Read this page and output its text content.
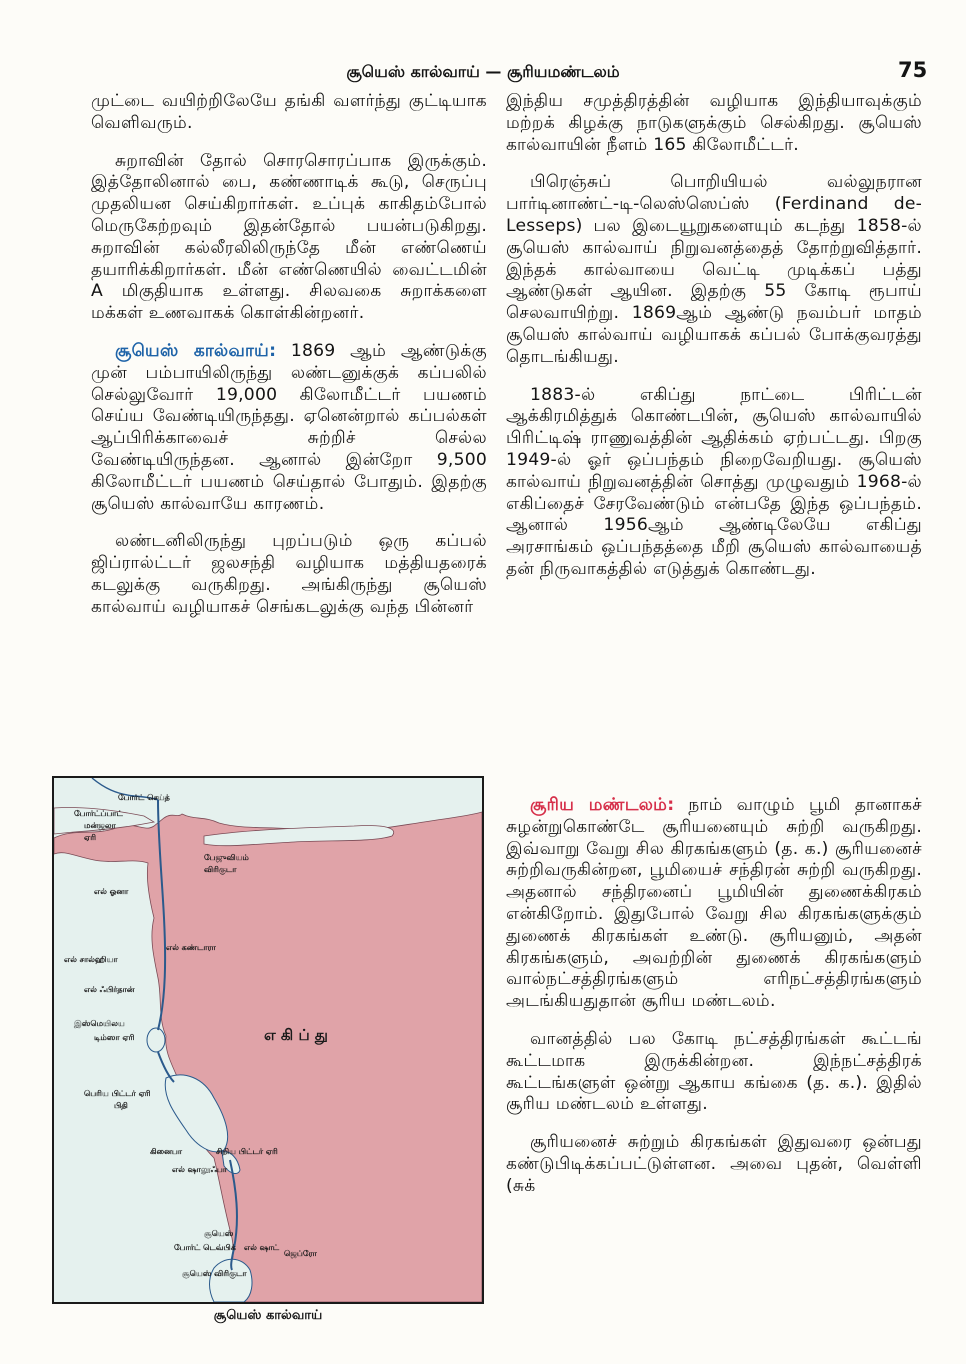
சூயெஸ் கால்வாய் — சூரியமண்டலம்	75

முட்டை வயிற்றிலேயே தங்கி வளர்ந்து குட்டியாக வெளிவரும்.

சுறாவின் தோல் சொரசொரப்பாக இருக்கும். இத்தோலினால் பை, கண்ணாடிக் கூடு, செருப்பு முதலியன செய்கிறார்கள். உப்புக் காகிதம்போல் மெருகேற்றவும் இதன்தோல் பயன்படுகிறது. சுறாவின் கல்லீரலிலிருந்தே மீன் எண்ணெய் தயாரிக்கிறார்கள். மீன் எண்ணெயில் வைட்டமின் A மிகுதியாக உள்ளது. சிலவகை சுறாக்களை மக்கள் உணவாகக் கொள்கின்றனர்.

சூயெஸ் கால்வாய்: 1869 ஆம் ஆண்டுக்கு முன் பம்பாயிலிருந்து லண்டனுக்குக் கப்பலில் செல்லுவோர் 19,000 கிலோமீட்டர் பயணம் செய்ய வேண்டியிருந்தது. ஏனென்றால் கப்பல்கள் ஆப்பிரிக்காவைச் சுற்றிச் செல்ல வேண்டியிருந்தன. ஆனால் இன்றோ 9,500 கிலோமீட்டர் பயணம் செய்தால் போதும். இதற்கு சூயெஸ் கால்வாயே காரணம்.

லண்டனிலிருந்து புறப்படும் ஒரு கப்பல் ஜிப்ரால்ட்டர் ஜலசந்தி வழியாக மத்தியதரைக் கடலுக்கு வருகிறது. அங்கிருந்து சூயெஸ் கால்வாய் வழியாகச் செங்கடலுக்கு வந்த பின்னர்

இந்திய சமுத்திரத்தின் வழியாக இந்தியாவுக்கும் மற்றக் கிழக்கு நாடுகளுக்கும் செல்கிறது. சூயெஸ் கால்வாயின் நீளம் 165 கிலோமீட்டர்.

பிரெஞ்சுப் பொறியியல் வல்லுநரான பார்டினாண்ட்-டி-லெஸ்ஸெப்ஸ் (Ferdinand de-Lesseps) பல இடையூறுகளையும் கடந்து 1858-ல் சூயெஸ் கால்வாய் நிறுவனத்தைத் தோற்றுவித்தார். இந்தக் கால்வாயை வெட்டி முடிக்கப் பத்து ஆண்டுகள் ஆயின. இதற்கு 55 கோடி ரூபாய் செலவாயிற்று. 1869ஆம் ஆண்டு நவம்பர் மாதம் சூயெஸ் கால்வாய் வழியாகக் கப்பல் போக்குவரத்து தொடங்கியது.

1883-ல் எகிப்து நாட்டை பிரிட்டன் ஆக்கிரமித்துக் கொண்டபின், சூயெஸ் கால்வாயில் பிரிட்டிஷ் ராணுவத்தின் ஆதிக்கம் ஏற்பட்டது. பிறகு 1949-ல் ஓர் ஒப்பந்தம் நிறைவேறியது. சூயெஸ் கால்வாய் நிறுவனத்தின் சொத்து முழுவதும் 1968-ல் எகிப்தைச் சேரவேண்டும் என்பதே இந்த ஒப்பந்தம். ஆனால் 1956ஆம் ஆண்டிலேயே எகிப்து அரசாங்கம் ஒப்பந்தத்தை மீறி சூயெஸ் கால்வாயைத் தன் நிருவாகத்தில் எடுத்துக் கொண்டது.

சூரிய மண்டலம்: நாம் வாழும் பூமி தானாகச் சுழன்றுகொண்டே சூரியனையும் சுற்றி வருகிறது. இவ்வாறு வேறு சில கிரகங்களும் (த. க.) சூரியனைச் சுற்றிவருகின்றன, பூமியைச் சந்திரன் சுற்றி வருகிறது. அதனால் சந்திரனைப் பூமியின் துணைக்கிரகம் என்கிறோம். இதுபோல் வேறு சில கிரகங்களுக்கும் துணைக் கிரகங்கள் உண்டு. சூரியனும், அதன் கிரகங்களும், அவற்றின் துணைக் கிரகங்களும் வால்நட்சத்திரங்களும் எரிநட்சத்திரங்களும் அடங்கியதுதான் சூரிய மண்டலம்.

வானத்தில் பல கோடி நட்சத்திரங்கள் கூட்டங் கூட்டமாக இருக்கின்றன. இந்நட்சத்திரக் கூட்டங்களுள் ஒன்று ஆகாய கங்கை (த. க.). இதில் சூரிய மண்டலம் உள்ளது.

சூரியனைச் சுற்றும் கிரகங்கள் இதுவரை ஒன்பது கண்டுபிடிக்கப்பட்டுள்ளன. அவை புதன், வெள்ளி (சுக்

போர்ட் செய்த்
போர்ட்ப்பாட்
மன்ஜலா
ஏரி
பேஜுவியம்
விரிகுடா
எல் ஓனா
எல் கண்டாரா
எல் சால்ஹியா
எல் ஃபிர்தான்
இஸ்மெயிலய
டிம்ஸா ஏரி	எ கி ப் து
பெரிய பிட்டர் ஏரி
பிதி
கினைபா	சிறிய பிட்டர் ஏரி
எல் ஷாலூஃபா
சூயெஸ்
போர்ட் டெவ்பிக் எல் ஷாட்
ஜெப்ரோ
சூயெஸ் விரிகுடா
சூயெஸ் கால்வாய்
